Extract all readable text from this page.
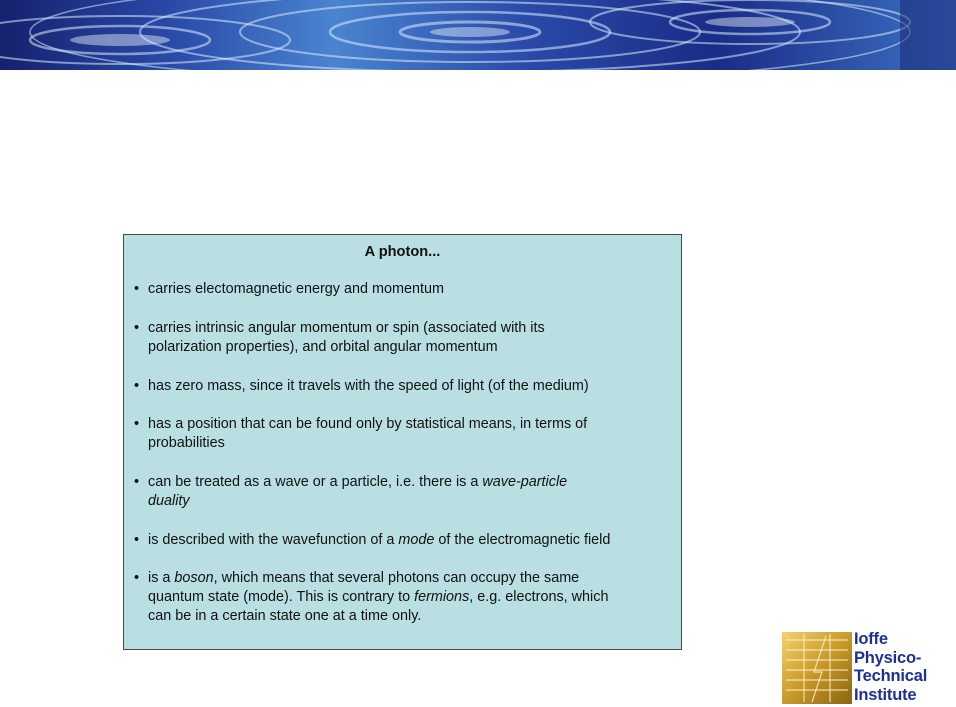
A photon...
• carries electomagnetic energy and momentum
• carries intrinsic angular momentum or spin (associated with its
polarization properties), and orbital angular momentum
• has zero mass, since it travels with the speed of light (of the medium)
• has a position that can be found only by statistical means, in terms of
probabilities
• can be treated as a wave or a particle, i.e. there is a wave-particle
duality
• is described with the wavefunction of a mode of the electromagnetic field
• is a boson, which means that several photons can occupy the same
quantum state (mode). This is contrary to fermions, e.g. electrons, which
can be in a certain state one at a time only.
Ioffe
Physico-
Technical
Institute
